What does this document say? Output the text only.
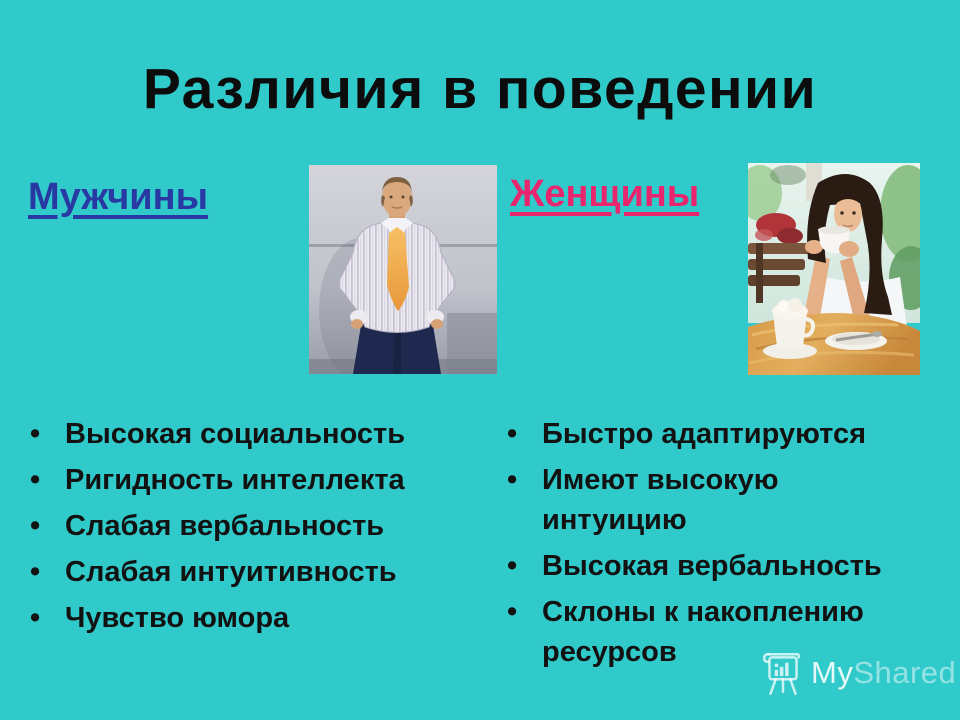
Различия в поведении
Мужчины	Женщины
• Высокая социальность
• Ригидность интеллекта
• Слабая вербальность
• Слабая интуитивность
• Чувство юмора
• Быстро адаптируются
• Имеют высокую интуицию
• Высокая вербальность
• Склоны к накоплению ресурсов
MyShared
